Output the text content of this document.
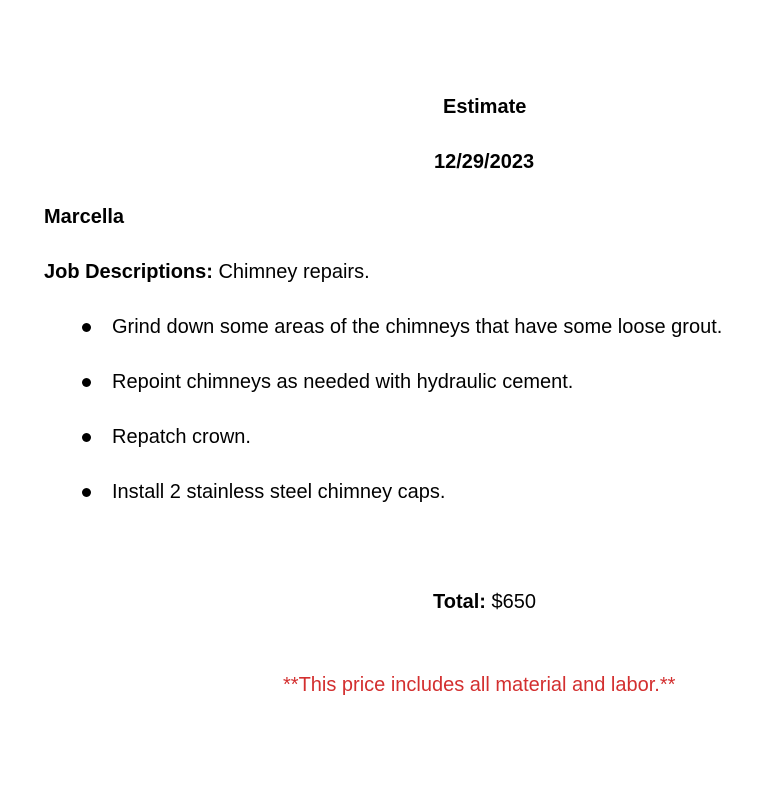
Estimate
12/29/2023
Marcella
Job Descriptions: Chimney repairs.
Grind down some areas of the chimneys that have some loose grout.
Repoint chimneys as needed with hydraulic cement.
Repatch crown.
Install 2 stainless steel chimney caps.
Total: $650
**This price includes all material and labor.**
